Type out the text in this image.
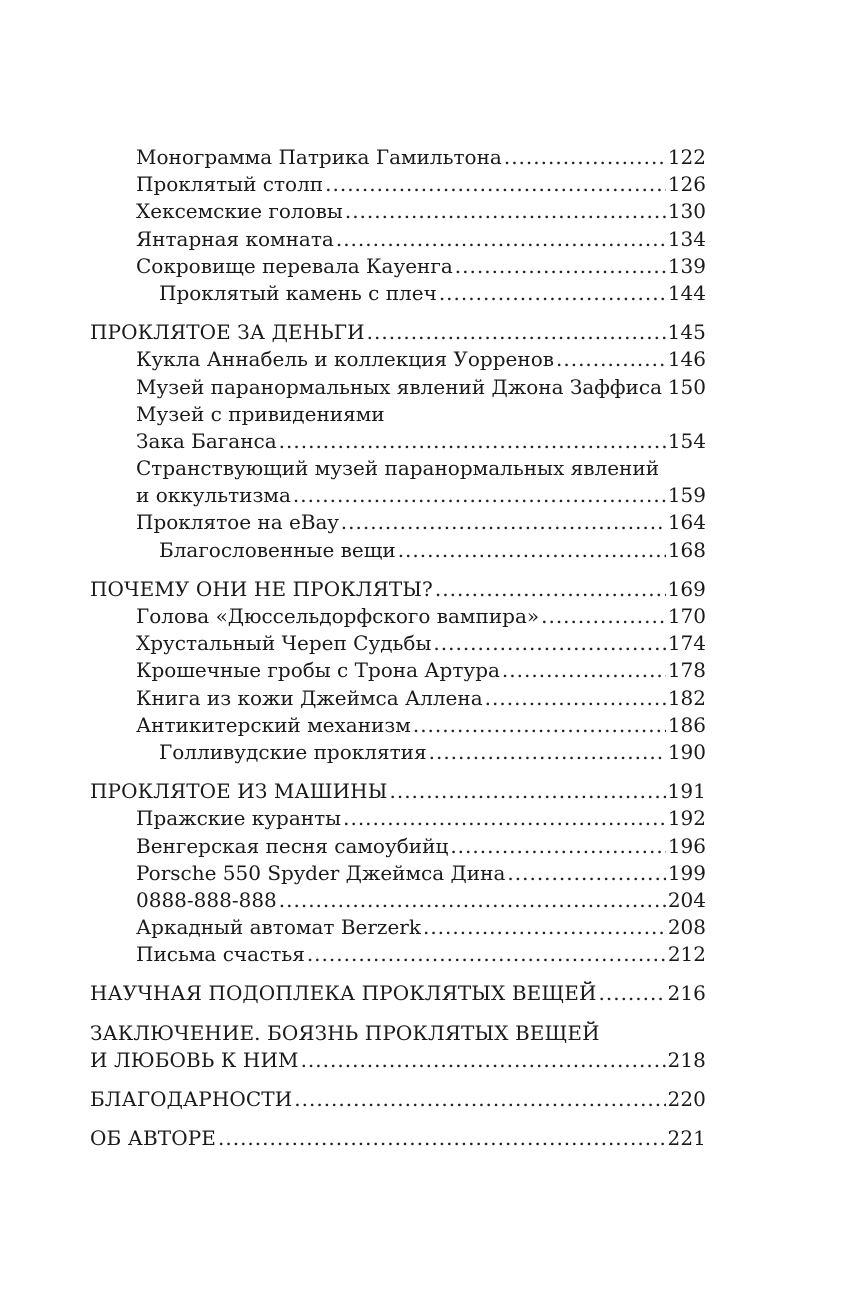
Монограмма Патрика Гамильтона .....	122
Проклятый столп .....	126
Хексемские головы .....	130
Янтарная комната .....	134
Сокровище перевала Кауенга .....	139
Проклятый камень с плеч .....	144
ПРОКЛЯТОЕ ЗА ДЕНЬГИ .....	145
Кукла Аннабель и коллекция Уорренов .....	146
Музей паранормальных явлений Джона Заффиса ..... 150
Музей с привидениями
Зака Баганса .....	154
Странствующий музей паранормальных явлений
и оккультизма .....	159
Проклятое на eBay .....	164
Благословенные вещи .....	168
ПОЧЕМУ ОНИ НЕ ПРОКЛЯТЫ? .....	169
Голова «Дюссельдорфского вампира» .....	170
Хрустальный Череп Судьбы .....	174
Крошечные гробы с Трона Артура .....	178
Книга из кожи Джеймса Аллена .....	182
Антикитерский механизм .....	186
Голливудские проклятия .....	190
ПРОКЛЯТОЕ ИЗ МАШИНЫ .....	191
Пражские куранты .....	192
Венгерская песня самоубийц .....	196
Porsche 550 Spyder Джеймса Дина .....	199
0888-888-888 .....	204
Аркадный автомат Berzerk .....	208
Письма счастья .....	212
НАУЧНАЯ ПОДОПЛЕКА ПРОКЛЯТЫХ ВЕЩЕЙ .....	216
ЗАКЛЮЧЕНИЕ. БОЯЗНЬ ПРОКЛЯТЫХ ВЕЩЕЙ
И ЛЮБОВЬ К НИМ .....	218
БЛАГОДАРНОСТИ .....	220
ОБ АВТОРЕ .....	221
